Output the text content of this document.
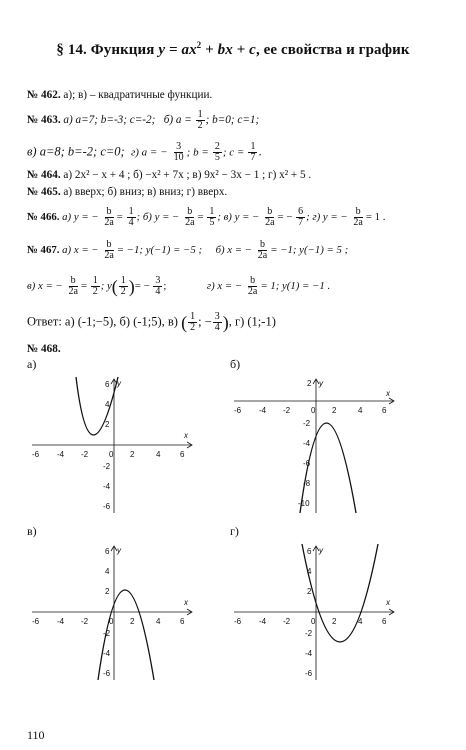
§ 14. Функция $y = ax^2$ + bx + c, ее свойства и график
№ 462. а); в) – квадратичные функции.
№ 463. а) a=7; b=-3; c=-2; б) $a = \frac{1}{2}$ ; b=0; c=1;
в) a=8; b=-2; c=0; г) a = − $\frac{3}{10}$ ; $b = \frac{2}{5}$ ; $c = \frac{1}{7}$ .
№ 464. а) 2x² − x + 4 ; б) −x² + 7x ; в) 9x² − 3x − 1 ; г) x² + 5 .
№ 465. а) вверх; б) вниз; в) вниз; г) вверх.
№ 466. а) y = − $\frac{b}{2a} = \frac{1}{4}$ ; б) y = − $\frac{b}{2a} = \frac{1}{5}$ ; в) y = − $\frac{b}{2a}$ = − $\frac{6}{7}$ ; г) y = − $\frac{b}{2a} = 1$ .
№ 467. а) x = − $\frac{b}{2a} = -1$; y(−1) = −5 ; б) x = − $\frac{b}{2a} = -1$; y(−1) = 5 ;
в) x = − $\frac{b}{2a} = \frac{1}{2}$ ; $y( \frac{1}{2}$ )= − $\frac{3}{4}$ ;	г) x = − $\frac{b}{2a} = 1$; y(1) = −1 .
Ответ: а) (-1;−5), б) (-1;5), в) ( $\frac{1}{2}$ ; − $\frac{3}{4}$ ), г) (1;-1)
№ 468.
а)	б)
в)	г)
x
y
-6 -4 -2	0 2	4 6
6
4
2
-2
-4
-6
x
y
-6 -4 -2	0 2	4 6
2
-2
-4
-6
-8
-10
x
y
-6 -4 -2	0 2	4 6
6
4
2
-2
-4
-6
x
y
-6 -4 -2	0 2	4 6
6
4
2
-2
-4
-6
110
